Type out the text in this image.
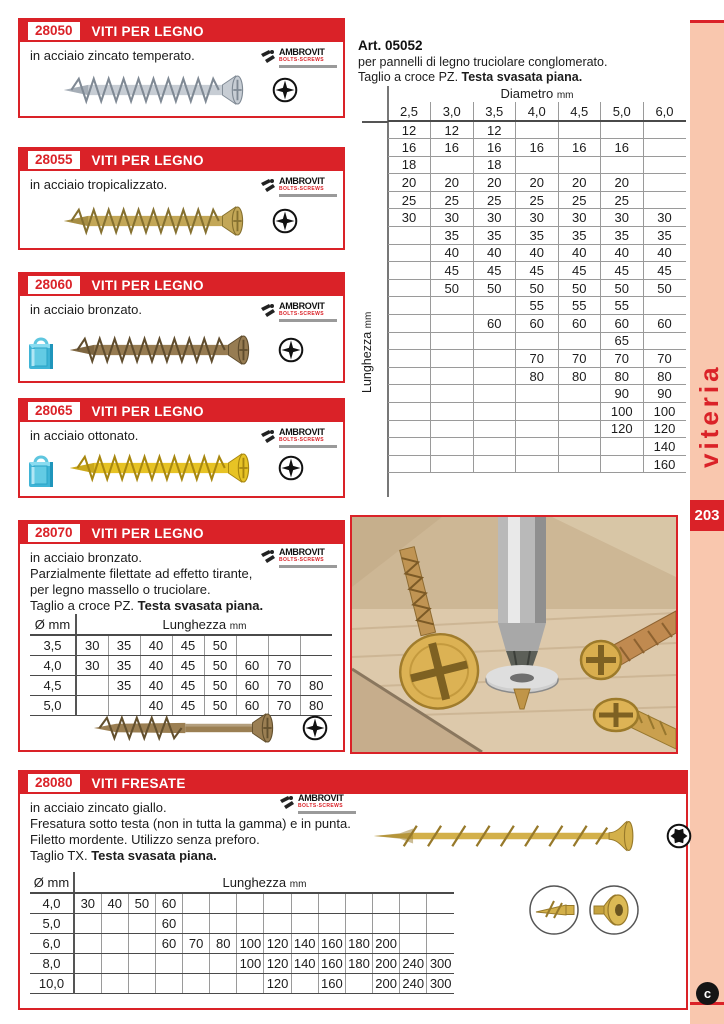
viteria
203
c
28050	VITI PER LEGNO
in acciaio zincato temperato.	AMBROVIT
BOLTS-SCREWS
28055	VITI PER LEGNO
in acciaio tropicalizzato.	AMBROVIT
BOLTS-SCREWS
28060	VITI PER LEGNO
in acciaio bronzato.	AMBROVIT
BOLTS-SCREWS
28065	VITI PER LEGNO
in acciaio ottonato.	AMBROVIT
BOLTS-SCREWS
Art. 05052
per pannelli di legno truciolare conglomerato.
Taglio a croce PZ. Testa svasata piana.
Diametro mm
Lunghezza mm
2,5	3,0	3,5	4,0	4,5	5,0	6,0
12	12	12				
16	16	16	16	16	16	
18		18				
20	20	20	20	20	20	
25	25	25	25	25	25	
30	30	30	30	30	30	30
	35	35	35	35	35	35
	40	40	40	40	40	40
	45	45	45	45	45	45
	50	50	50	50	50	50
			55	55	55	
		60	60	60	60	60
					65	
			70	70	70	70
			80	80	80	80
					90	90
					100	100
					120	120
						140
						160
28070	VITI PER LEGNO
in acciaio bronzato.
Parzialmente filettate ad effetto tirante,
per legno massello o truciolare.
Taglio a croce PZ. Testa svasata piana.
AMBROVIT
BOLTS-SCREWS
Ø mm	Lunghezza mm							
3,5	30	35	40	45	50			
4,0	30	35	40	45	50	60	70	
4,5		35	40	45	50	60	70	80
5,0			40	45	50	60	70	80
28080	VITI FRESATE
in acciaio zincato giallo.
Fresatura sotto testa (non in tutta la gamma) e in punta.
Filetto mordente. Utilizzo senza preforo.
Taglio TX. Testa svasata piana.
AMBROVIT
BOLTS-SCREWS
Ø mm	Lunghezza mm													
4,0	30	40	50	60										
5,0				60										
6,0				60	70	80	100	120	140	160	180	200		
8,0							100	120	140	160	180	200	240	300
10,0								120		160		200	240	300
